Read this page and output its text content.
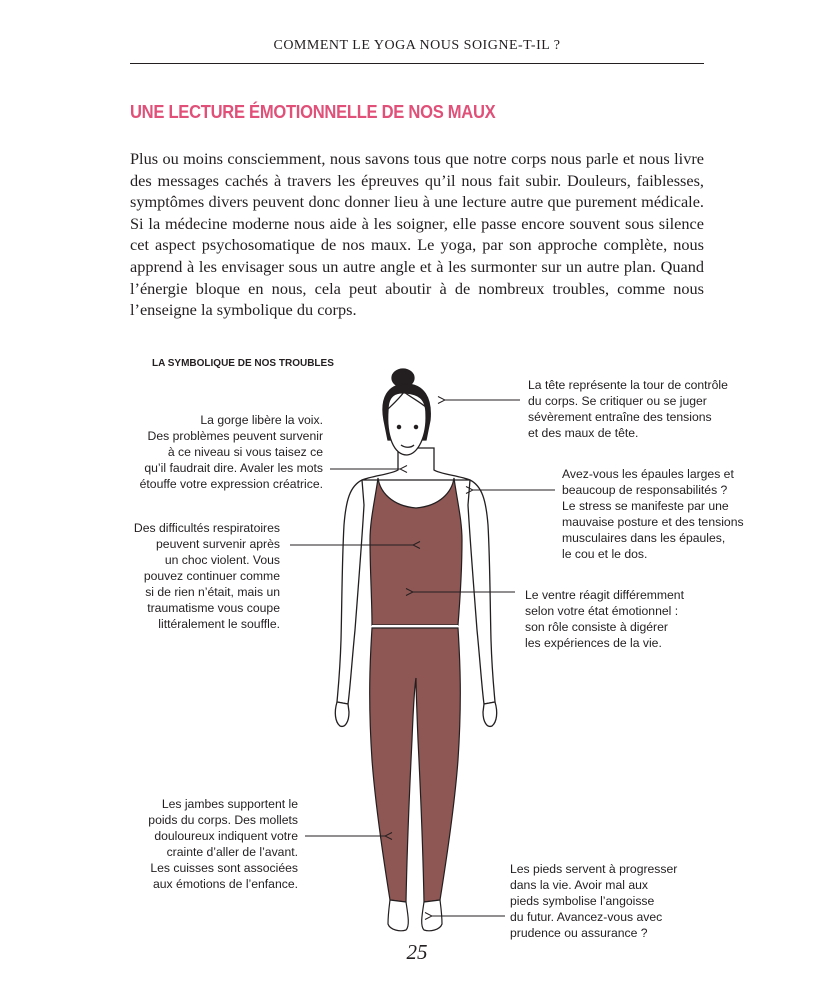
COMMENT LE YOGA NOUS SOIGNE-T-IL ?
UNE LECTURE ÉMOTIONNELLE DE NOS MAUX

Plus ou moins consciemment, nous savons tous que notre corps nous parle et nous livre des messages cachés à travers les épreuves qu’il nous fait subir. Douleurs, faiblesses, symptômes divers peuvent donc donner lieu à une lecture autre que purement médicale. Si la médecine moderne nous aide à les soigner, elle passe encore souvent sous silence cet aspect psychosomatique de nos maux. Le yoga, par son approche complète, nous apprend à les envisager sous un autre angle et à les surmonter sur un autre plan. Quand l’énergie bloque en nous, cela peut aboutir à de nombreux troubles, comme nous l’enseigne la symbolique du corps.

LA SYMBOLIQUE DE NOS TROUBLES
La tête représente la tour de contrôle
du corps. Se critiquer ou se juger
sévèrement entraîne des tensions
et des maux de tête.
La gorge libère la voix.
Des problèmes peuvent survenir
à ce niveau si vous taisez ce
qu’il faudrait dire. Avaler les mots
étouffe votre expression créatrice.
Avez-vous les épaules larges et
beaucoup de responsabilités ?
Le stress se manifeste par une
mauvaise posture et des tensions
musculaires dans les épaules,
le cou et le dos.
Des difficultés respiratoires
peuvent survenir après
un choc violent. Vous
pouvez continuer comme
si de rien n’était, mais un
traumatisme vous coupe
littéralement le souffle.
Le ventre réagit différemment
selon votre état émotionnel :
son rôle consiste à digérer
les expériences de la vie.
Les jambes supportent le
poids du corps. Des mollets
douloureux indiquent votre
crainte d’aller de l’avant.
Les cuisses sont associées
aux émotions de l’enfance.
Les pieds servent à progresser
dans la vie. Avoir mal aux
pieds symbolise l’angoisse
du futur. Avancez-vous avec
prudence ou assurance ?
25
